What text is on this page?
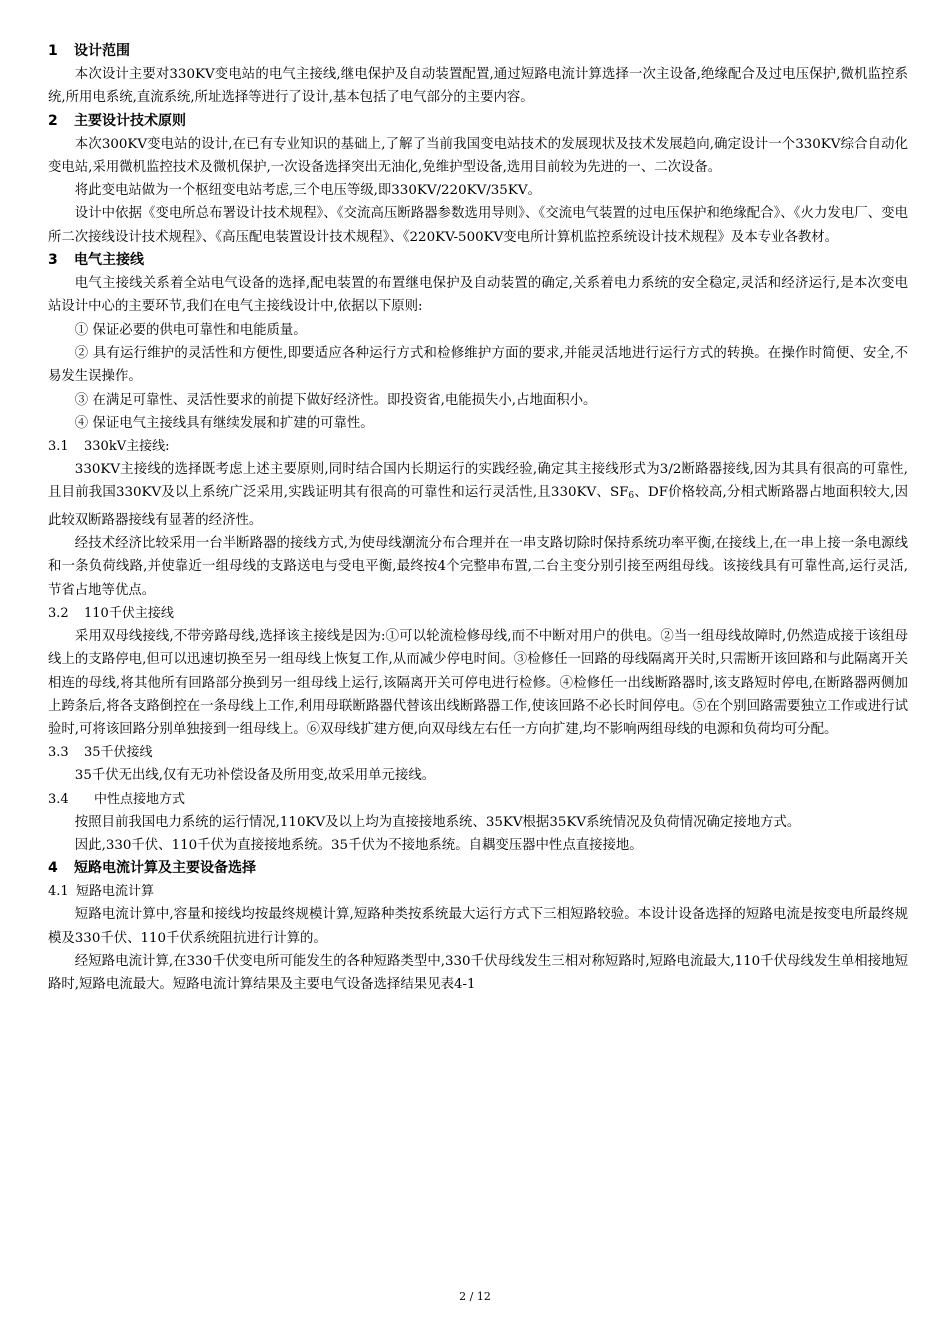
1 设计范围

本次设计主要对330KV变电站的电气主接线,继电保护及自动装置配置,通过短路电流计算选择一次主设备,绝缘配合及过电压保护,微机监控系统,所用电系统,直流系统,所址选择等进行了设计,基本包括了电气部分的主要内容。

2 主要设计技术原则

本次300KV变电站的设计,在已有专业知识的基础上,了解了当前我国变电站技术的发展现状及技术发展趋向,确定设计一个330KV综合自动化变电站,采用微机监控技术及微机保护,一次设备选择突出无油化,免维护型设备,选用目前较为先进的一、二次设备。

将此变电站做为一个枢纽变电站考虑,三个电压等级,即330KV/220KV/35KV。

设计中依据《变电所总布署设计技术规程》、《交流高压断路器参数选用导则》、《交流电气装置的过电压保护和绝缘配合》、《火力发电厂、变电所二次接线设计技术规程》、《高压配电装置设计技术规程》、《220KV-500KV变电所计算机监控系统设计技术规程》及本专业各教材。

3 电气主接线

电气主接线关系着全站电气设备的选择,配电装置的布置继电保护及自动装置的确定,关系着电力系统的安全稳定,灵活和经济运行,是本次变电站设计中心的主要环节,我们在电气主接线设计中,依据以下原则:

① 保证必要的供电可靠性和电能质量。

② 具有运行维护的灵活性和方便性,即要适应各种运行方式和检修维护方面的要求,并能灵活地进行运行方式的转换。在操作时简便、安全,不易发生误操作。

③ 在满足可靠性、灵活性要求的前提下做好经济性。即投资省,电能损失小,占地面积小。

④ 保证电气主接线具有继续发展和扩建的可靠性。

3.1 330kV主接线:

330KV主接线的选择既考虑上述主要原则,同时结合国内长期运行的实践经验,确定其主接线形式为3/2断路器接线,因为其具有很高的可靠性,且目前我国330KV及以上系统广泛采用,实践证明其有很高的可靠性和运行灵活性,且330KV、$SF_6$、DF价格较高,分相式断路器占地面积较大,因此较双断路器接线有显著的经济性。

经技术经济比较采用一台半断路器的接线方式,为使母线潮流分布合理并在一串支路切除时保持系统功率平衡,在接线上,在一串上接一条电源线和一条负荷线路,并使靠近一组母线的支路送电与受电平衡,最终按4个完整串布置,二台主变分别引接至两组母线。该接线具有可靠性高,运行灵活,节省占地等优点。

3.2 110千伏主接线

采用双母线接线,不带旁路母线,选择该主接线是因为:①可以轮流检修母线,而不中断对用户的供电。②当一组母线故障时,仍然造成接于该组母线上的支路停电,但可以迅速切换至另一组母线上恢复工作,从而减少停电时间。③检修任一回路的母线隔离开关时,只需断开该回路和与此隔离开关相连的母线,将其他所有回路部分换到另一组母线上运行,该隔离开关可停电进行检修。④检修任一出线断路器时,该支路短时停电,在断路器两侧加上跨条后,将各支路倒控在一条母线上工作,利用母联断路器代替该出线断路器工作,使该回路不必长时间停电。⑤在个别回路需要独立工作或进行试验时,可将该回路分别单独接到一组母线上。⑥双母线扩建方便,向双母线左右任一方向扩建,均不影响两组母线的电源和负荷均可分配。

3.3 35千伏接线

35千伏无出线,仅有无功补偿设备及所用变,故采用单元接线。

3.4 中性点接地方式

按照目前我国电力系统的运行情况,110KV及以上均为直接接地系统、35KV根据35KV系统情况及负荷情况确定接地方式。

因此,330千伏、110千伏为直接接地系统。35千伏为不接地系统。自耦变压器中性点直接接地。

4 短路电流计算及主要设备选择
4.1 短路电流计算

短路电流计算中,容量和接线均按最终规模计算,短路种类按系统最大运行方式下三相短路较验。本设计设备选择的短路电流是按变电所最终规模及330千伏、110千伏系统阻抗进行计算的。

经短路电流计算,在330千伏变电所可能发生的各种短路类型中,330千伏母线发生三相对称短路时,短路电流最大,110千伏母线发生单相接地短路时,短路电流最大。短路电流计算结果及主要电气设备选择结果见表4-1

2 / 12
